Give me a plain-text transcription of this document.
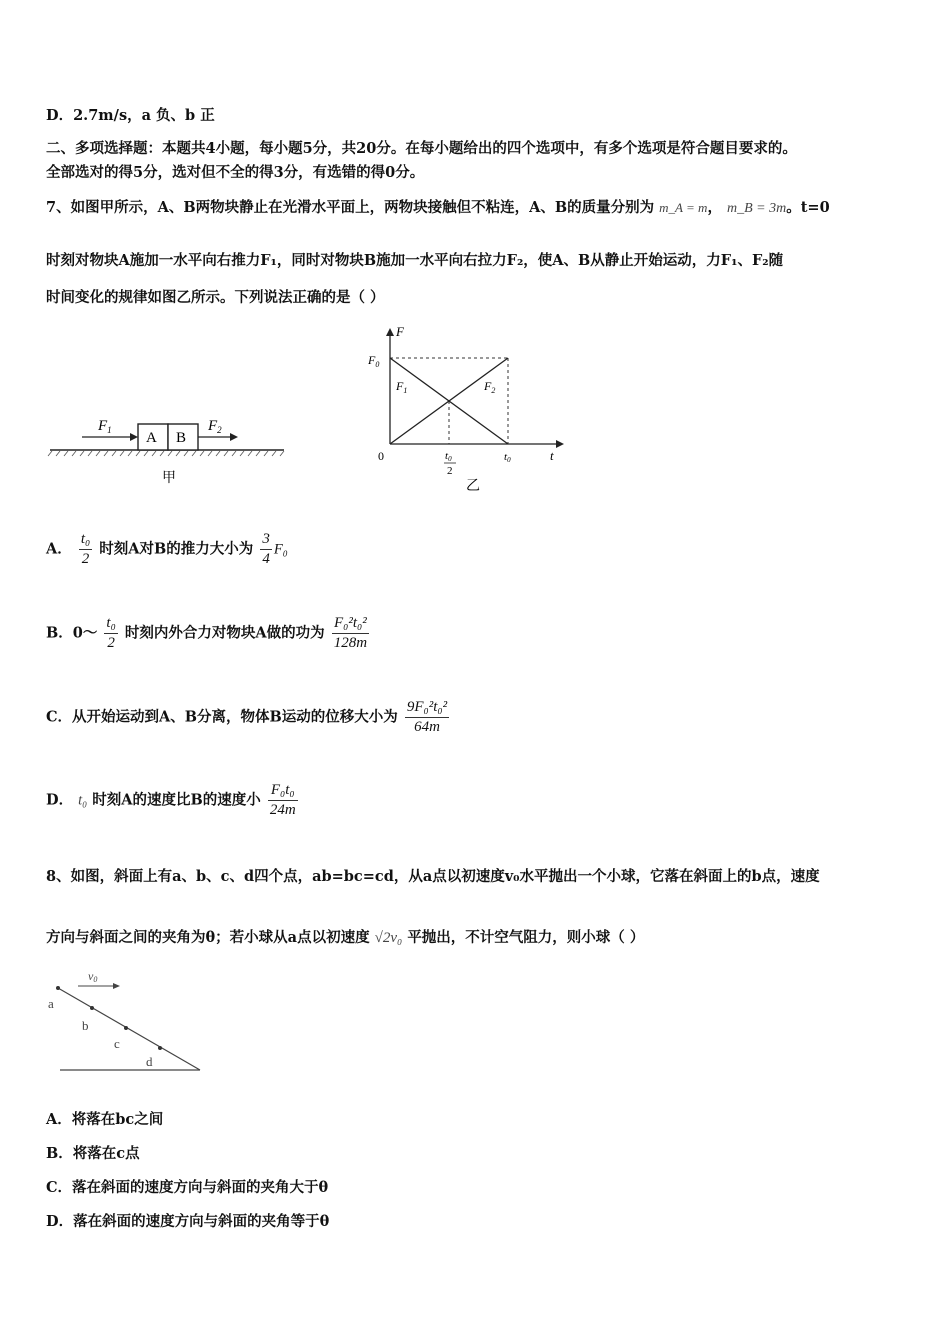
D．2.7m/s，a 负、b 正
二、多项选择题：本题共4小题，每小题5分，共20分。在每小题给出的四个选项中，有多个选项是符合题目要求的。
全部选对的得5分，选对但不全的得3分，有选错的得0分。
7、如图甲所示，A、B两物块静止在光滑水平面上，两物块接触但不粘连，A、B的质量分别为 m_A = m， m_B = 3m。t=0
时刻对物块A施加一水平向右推力F₁，同时对物块B施加一水平向右拉力F₂，使A、B从静止开始运动，力F₁、F₂随
时间变化的规律如图乙所示。下列说法正确的是（ ）
A B
$F_1$	$F_2$
甲
F
t
0
$F_0$
$F_1$	$F_2$
t0
2
t0
乙
A． $\frac{\text{t₀}}{2}$ 时刻A对B的推力大小为 $\frac{3}{4} F_0$
B．0～ $\frac{\text{t₀}}{2}$ 时刻内外合力对物块A做的功为 $\frac{\text{F₀²t₀²}}{128m}$
C．从开始运动到A、B分离，物体B运动的位移大小为 $\frac{\text{9F₀²t₀²}}{64m}$
D． t₀ 时刻A的速度比B的速度小 $\frac{\text{F₀t₀}}{24m}$
8、如图，斜面上有a、b、c、d四个点，ab=bc=cd，从a点以初速度v₀水平抛出一个小球，它落在斜面上的b点，速度
方向与斜面之间的夹角为θ；若小球从a点以初速度 √2v₀ 平抛出，不计空气阻力，则小球（ ）
v0
a
b
c
d
A．将落在bc之间
B．将落在c点
C．落在斜面的速度方向与斜面的夹角大于θ
D．落在斜面的速度方向与斜面的夹角等于θ
